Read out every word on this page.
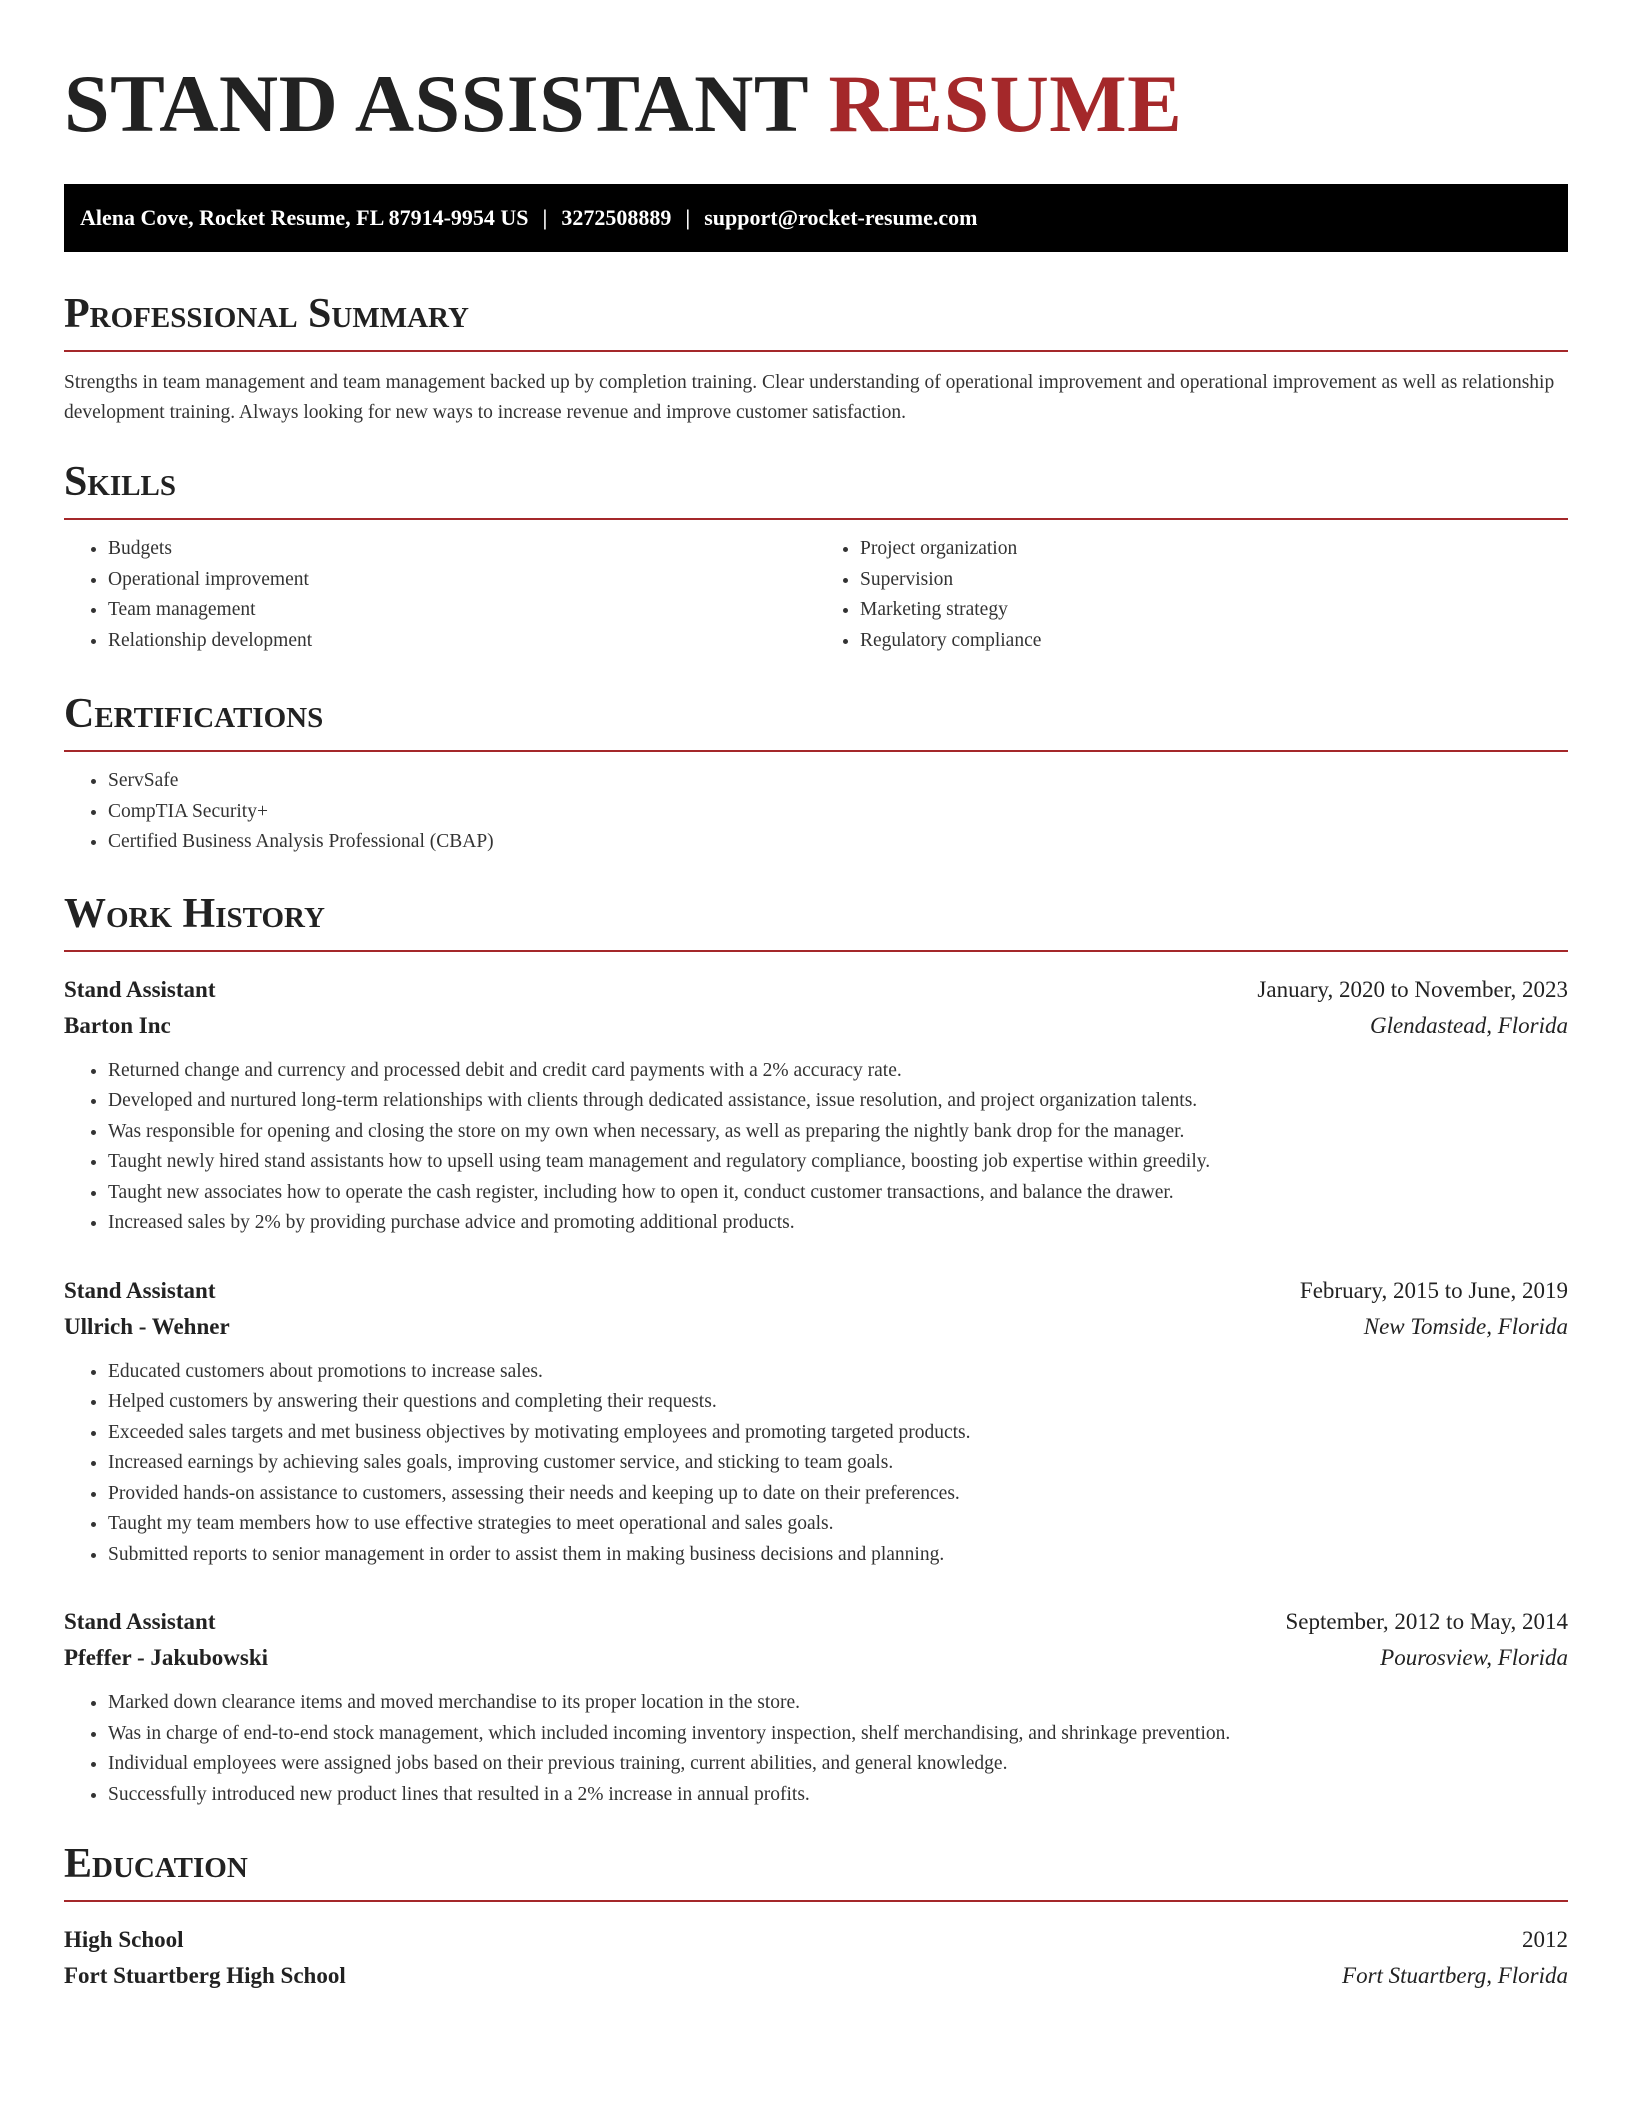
STAND ASSISTANT RESUME
Alena Cove, Rocket Resume, FL 87914-9954 US | 3272508889 | support@rocket-resume.com
Professional Summary

Strengths in team management and team management backed up by completion training. Clear understanding of operational improvement and operational improvement as well as relationship development training. Always looking for new ways to increase revenue and improve customer satisfaction.

Skills
• Budgets
• Operational improvement
• Team management
• Relationship development
• Project organization
• Supervision
• Marketing strategy
• Regulatory compliance
Certifications
• ServSafe
• CompTIA Security+
• Certified Business Analysis Professional (CBAP)
Work History
Stand Assistant	January, 2020 to November, 2023
Barton Inc	Glendastead, Florida
• Returned change and currency and processed debit and credit card payments with a 2% accuracy rate.
• Developed and nurtured long-term relationships with clients through dedicated assistance, issue resolution, and project organization talents.
• Was responsible for opening and closing the store on my own when necessary, as well as preparing the nightly bank drop for the manager.
• Taught newly hired stand assistants how to upsell using team management and regulatory compliance, boosting job expertise within greedily.
• Taught new associates how to operate the cash register, including how to open it, conduct customer transactions, and balance the drawer.
• Increased sales by 2% by providing purchase advice and promoting additional products.
Stand Assistant	February, 2015 to June, 2019
Ullrich - Wehner	New Tomside, Florida
• Educated customers about promotions to increase sales.
• Helped customers by answering their questions and completing their requests.
• Exceeded sales targets and met business objectives by motivating employees and promoting targeted products.
• Increased earnings by achieving sales goals, improving customer service, and sticking to team goals.
• Provided hands-on assistance to customers, assessing their needs and keeping up to date on their preferences.
• Taught my team members how to use effective strategies to meet operational and sales goals.
• Submitted reports to senior management in order to assist them in making business decisions and planning.
Stand Assistant	September, 2012 to May, 2014
Pfeffer - Jakubowski	Pourosview, Florida
• Marked down clearance items and moved merchandise to its proper location in the store.
• Was in charge of end-to-end stock management, which included incoming inventory inspection, shelf merchandising, and shrinkage prevention.
• Individual employees were assigned jobs based on their previous training, current abilities, and general knowledge.
• Successfully introduced new product lines that resulted in a 2% increase in annual profits.
Education
High School	2012
Fort Stuartberg High School	Fort Stuartberg, Florida
